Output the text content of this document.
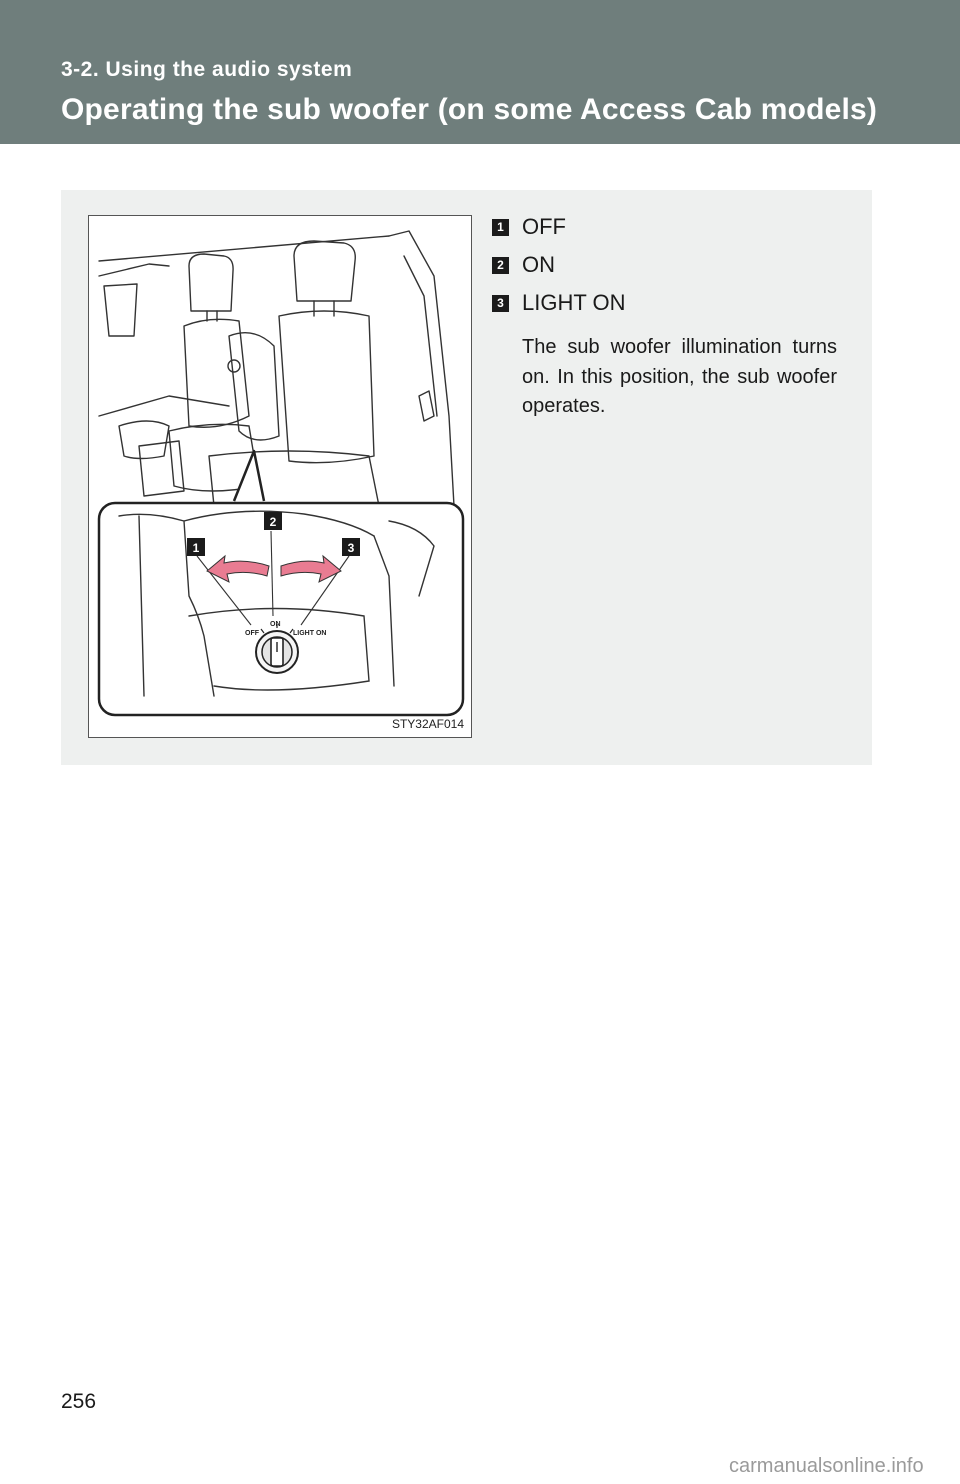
3-2. Using the audio system
Operating the sub woofer (on some Access Cab models)
OFF
ON
LIGHT ON
1
2
3
STY32AF014
1 OFF
2 ON
3 LIGHT ON
The sub woofer illumination turns on. In this position, the sub woofer operates.
256
carmanualsonline.info
